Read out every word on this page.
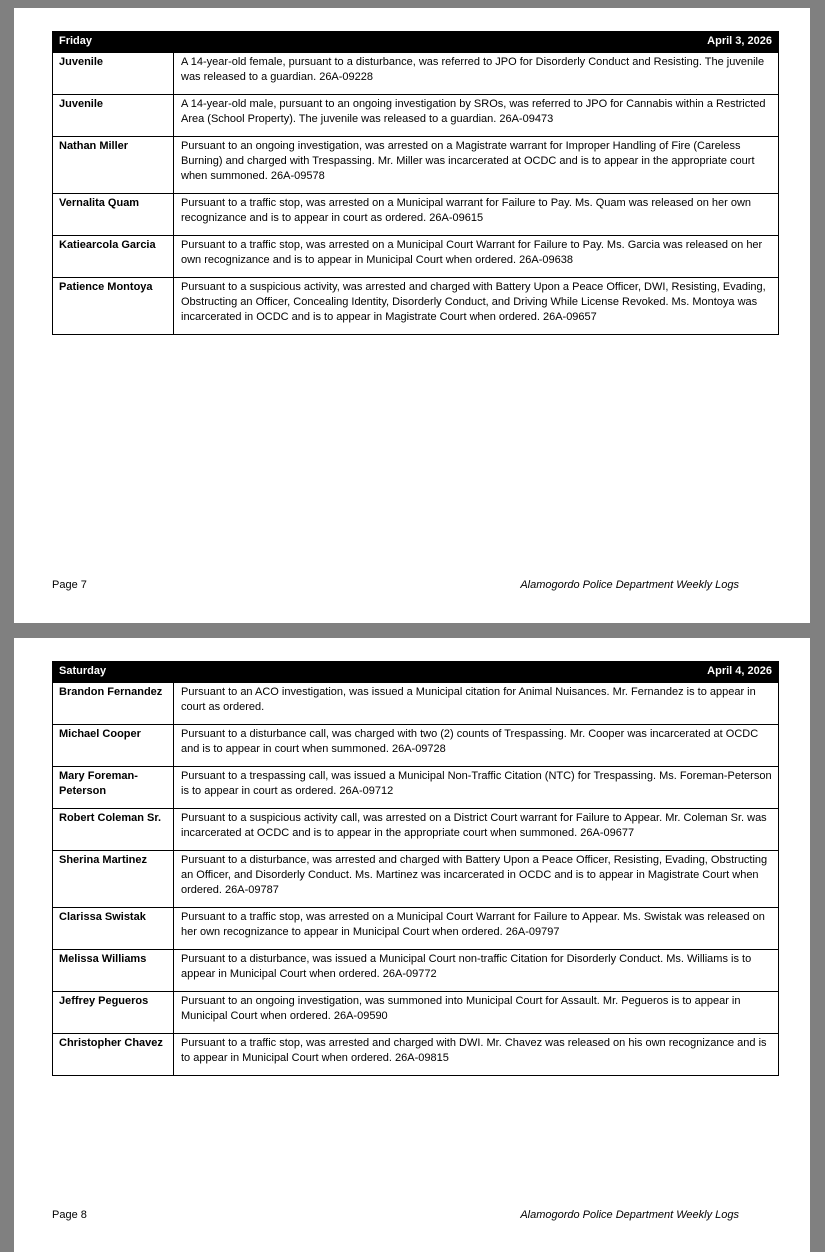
Friday	April 3, 2026
Juvenile	A 14-year-old female, pursuant to a disturbance, was referred to JPO for Disorderly Conduct and Resisting. The juvenile was released to a guardian. 26A-09228
Juvenile	A 14-year-old male, pursuant to an ongoing investigation by SROs, was referred to JPO for Cannabis within a Restricted Area (School Property). The juvenile was released to a guardian. 26A-09473
Nathan Miller	Pursuant to an ongoing investigation, was arrested on a Magistrate warrant for Improper Handling of Fire (Careless Burning) and charged with Trespassing. Mr. Miller was incarcerated at OCDC and is to appear in the appropriate court when summoned. 26A-09578
Vernalita Quam	Pursuant to a traffic stop, was arrested on a Municipal warrant for Failure to Pay. Ms. Quam was released on her own recognizance and is to appear in court as ordered. 26A-09615
Katiearcola Garcia	Pursuant to a traffic stop, was arrested on a Municipal Court Warrant for Failure to Pay. Ms. Garcia was released on her own recognizance and is to appear in Municipal Court when ordered. 26A-09638
Patience Montoya	Pursuant to a suspicious activity, was arrested and charged with Battery Upon a Peace Officer, DWI, Resisting, Evading, Obstructing an Officer, Concealing Identity, Disorderly Conduct, and Driving While License Revoked. Ms. Montoya was incarcerated in OCDC and is to appear in Magistrate Court when ordered. 26A-09657
Page 7	Alamogordo Police Department Weekly Logs
Saturday	April 4, 2026
Brandon Fernandez	Pursuant to an ACO investigation, was issued a Municipal citation for Animal Nuisances. Mr. Fernandez is to appear in court as ordered.
Michael Cooper	Pursuant to a disturbance call, was charged with two (2) counts of Trespassing. Mr. Cooper was incarcerated at OCDC and is to appear in court when summoned. 26A-09728
Mary Foreman-Peterson	Pursuant to a trespassing call, was issued a Municipal Non-Traffic Citation (NTC) for Trespassing. Ms. Foreman-Peterson is to appear in court as ordered. 26A-09712
Robert Coleman Sr.	Pursuant to a suspicious activity call, was arrested on a District Court warrant for Failure to Appear. Mr. Coleman Sr. was incarcerated at OCDC and is to appear in the appropriate court when summoned. 26A-09677
Sherina Martinez	Pursuant to a disturbance, was arrested and charged with Battery Upon a Peace Officer, Resisting, Evading, Obstructing an Officer, and Disorderly Conduct. Ms. Martinez was incarcerated in OCDC and is to appear in Magistrate Court when ordered. 26A-09787
Clarissa Swistak	Pursuant to a traffic stop, was arrested on a Municipal Court Warrant for Failure to Appear. Ms. Swistak was released on her own recognizance to appear in Municipal Court when ordered. 26A-09797
Melissa Williams	Pursuant to a disturbance, was issued a Municipal Court non-traffic Citation for Disorderly Conduct. Ms. Williams is to appear in Municipal Court when ordered. 26A-09772
Jeffrey Pegueros	Pursuant to an ongoing investigation, was summoned into Municipal Court for Assault. Mr. Pegueros is to appear in Municipal Court when ordered. 26A-09590
Christopher Chavez	Pursuant to a traffic stop, was arrested and charged with DWI. Mr. Chavez was released on his own recognizance and is to appear in Municipal Court when ordered. 26A-09815
Page 8	Alamogordo Police Department Weekly Logs
